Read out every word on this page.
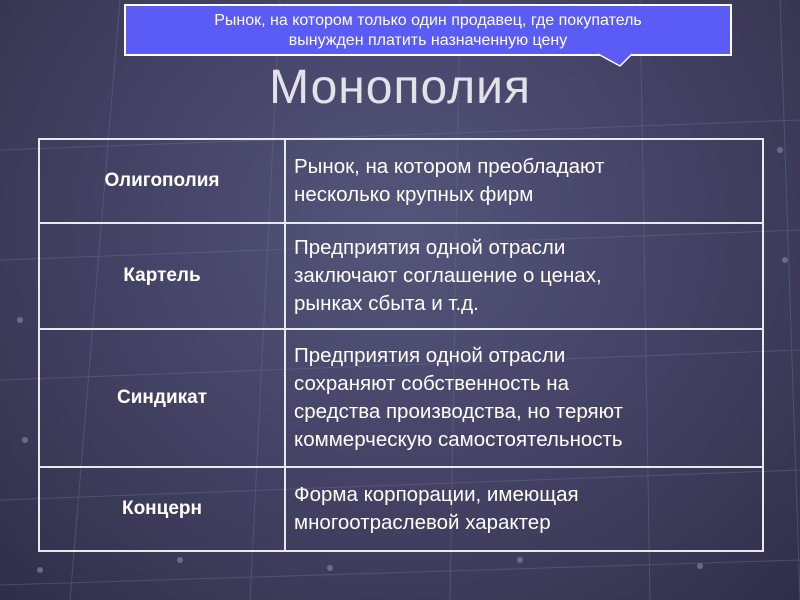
Рынок, на котором только один продавец, где покупатель
вынужден платить назначенную цену
Монополия
Олигополия	Рынок, на котором преобладают
несколько крупных фирм

Картель	Предприятия одной отрасли
заключают соглашение о ценах,
рынках сбыта и т.д.

Синдикат	Предприятия одной отрасли
сохраняют собственность на
средства производства, но теряют
коммерческую самостоятельность

Концерн	Форма корпорации, имеющая
многоотраслевой характер
